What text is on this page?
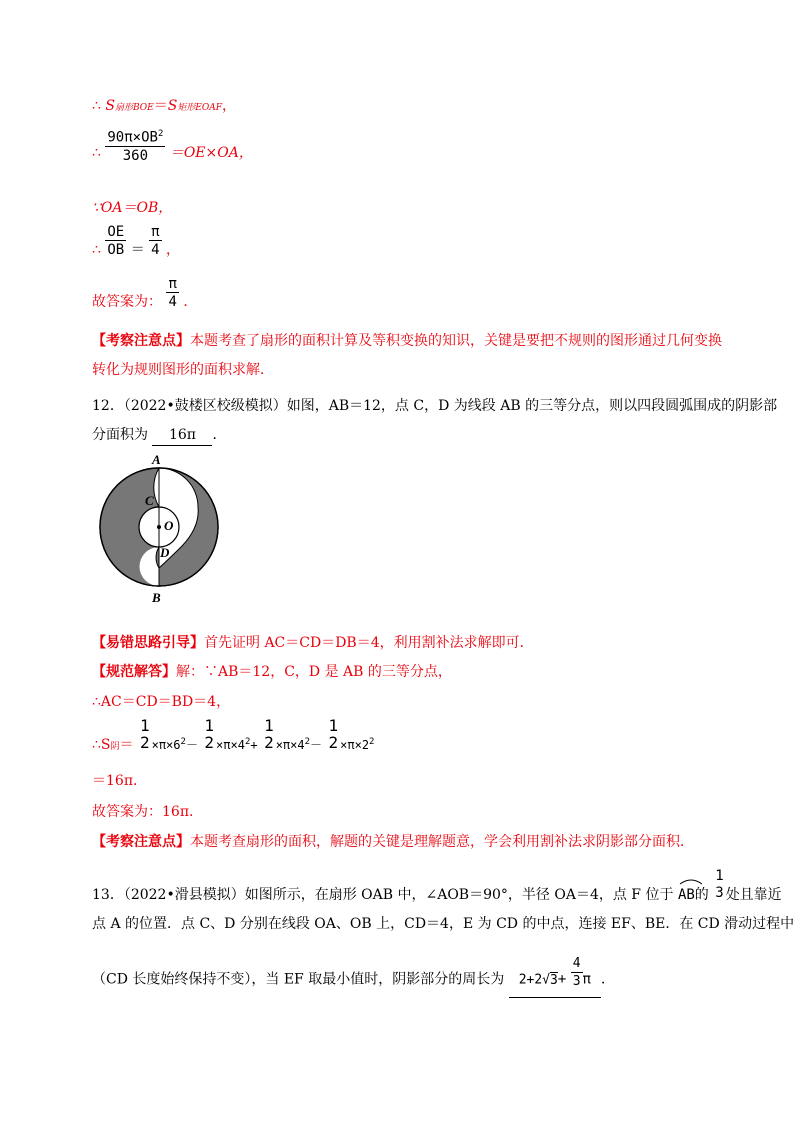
∴ S扇形BOE＝S矩形EOAF，
∴ $\frac{90\pi\times OB^2}{360} =OE\times OA$，
∵OA＝OB，
∴ $\frac{OE}{OB} = \frac{\pi}{4}$ ，
故答案为： $\frac{\pi}{4}$ ．
【考察注意点】本题考查了扇形的面积计算及等积变换的知识，关键是要把不规则的图形通过几何变换
转化为规则图形的面积求解．
12．（2022•鼓楼区校级模拟）如图，AB＝12，点 C，D 为线段 AB 的三等分点，则以四段圆弧围成的阴影部
分面积为 16π ．
A
C
O
D
B
【易错思路引导】首先证明 AC＝CD＝DB＝4，利用割补法求解即可．
【规范解答】解：∵AB＝12，C，D 是 AB 的三等分点，
∴AC＝CD＝BD＝4，
∴S阴＝
1
$2 \times\pi\times 6^2-$
1
$2 \times\pi\times 4^2+$
1
$2 \times\pi\times 4^2-$
1
$2 \times\pi\times 2^2$
＝16π．
故答案为：16π．
【考察注意点】本题考查扇形的面积，解题的关键是理解题意，学会利用割补法求阴影部分面积．
13．（2022•滑县模拟）如图所示，在扇形 OAB 中，∠AOB＝90°，半径 OA＝4，点 F 位于 AB的
1
3 处且靠近
点 A 的位置．点 C、D 分别在线段 OA、OB 上，CD＝4，E 为 CD 的中点，连接 EF、BE．在 CD 滑动过程中
（CD 长度始终保持不变），当 EF 取最小值时，阴影部分的周长为 $2+2√3+ \frac{4}{3}$ π ．
